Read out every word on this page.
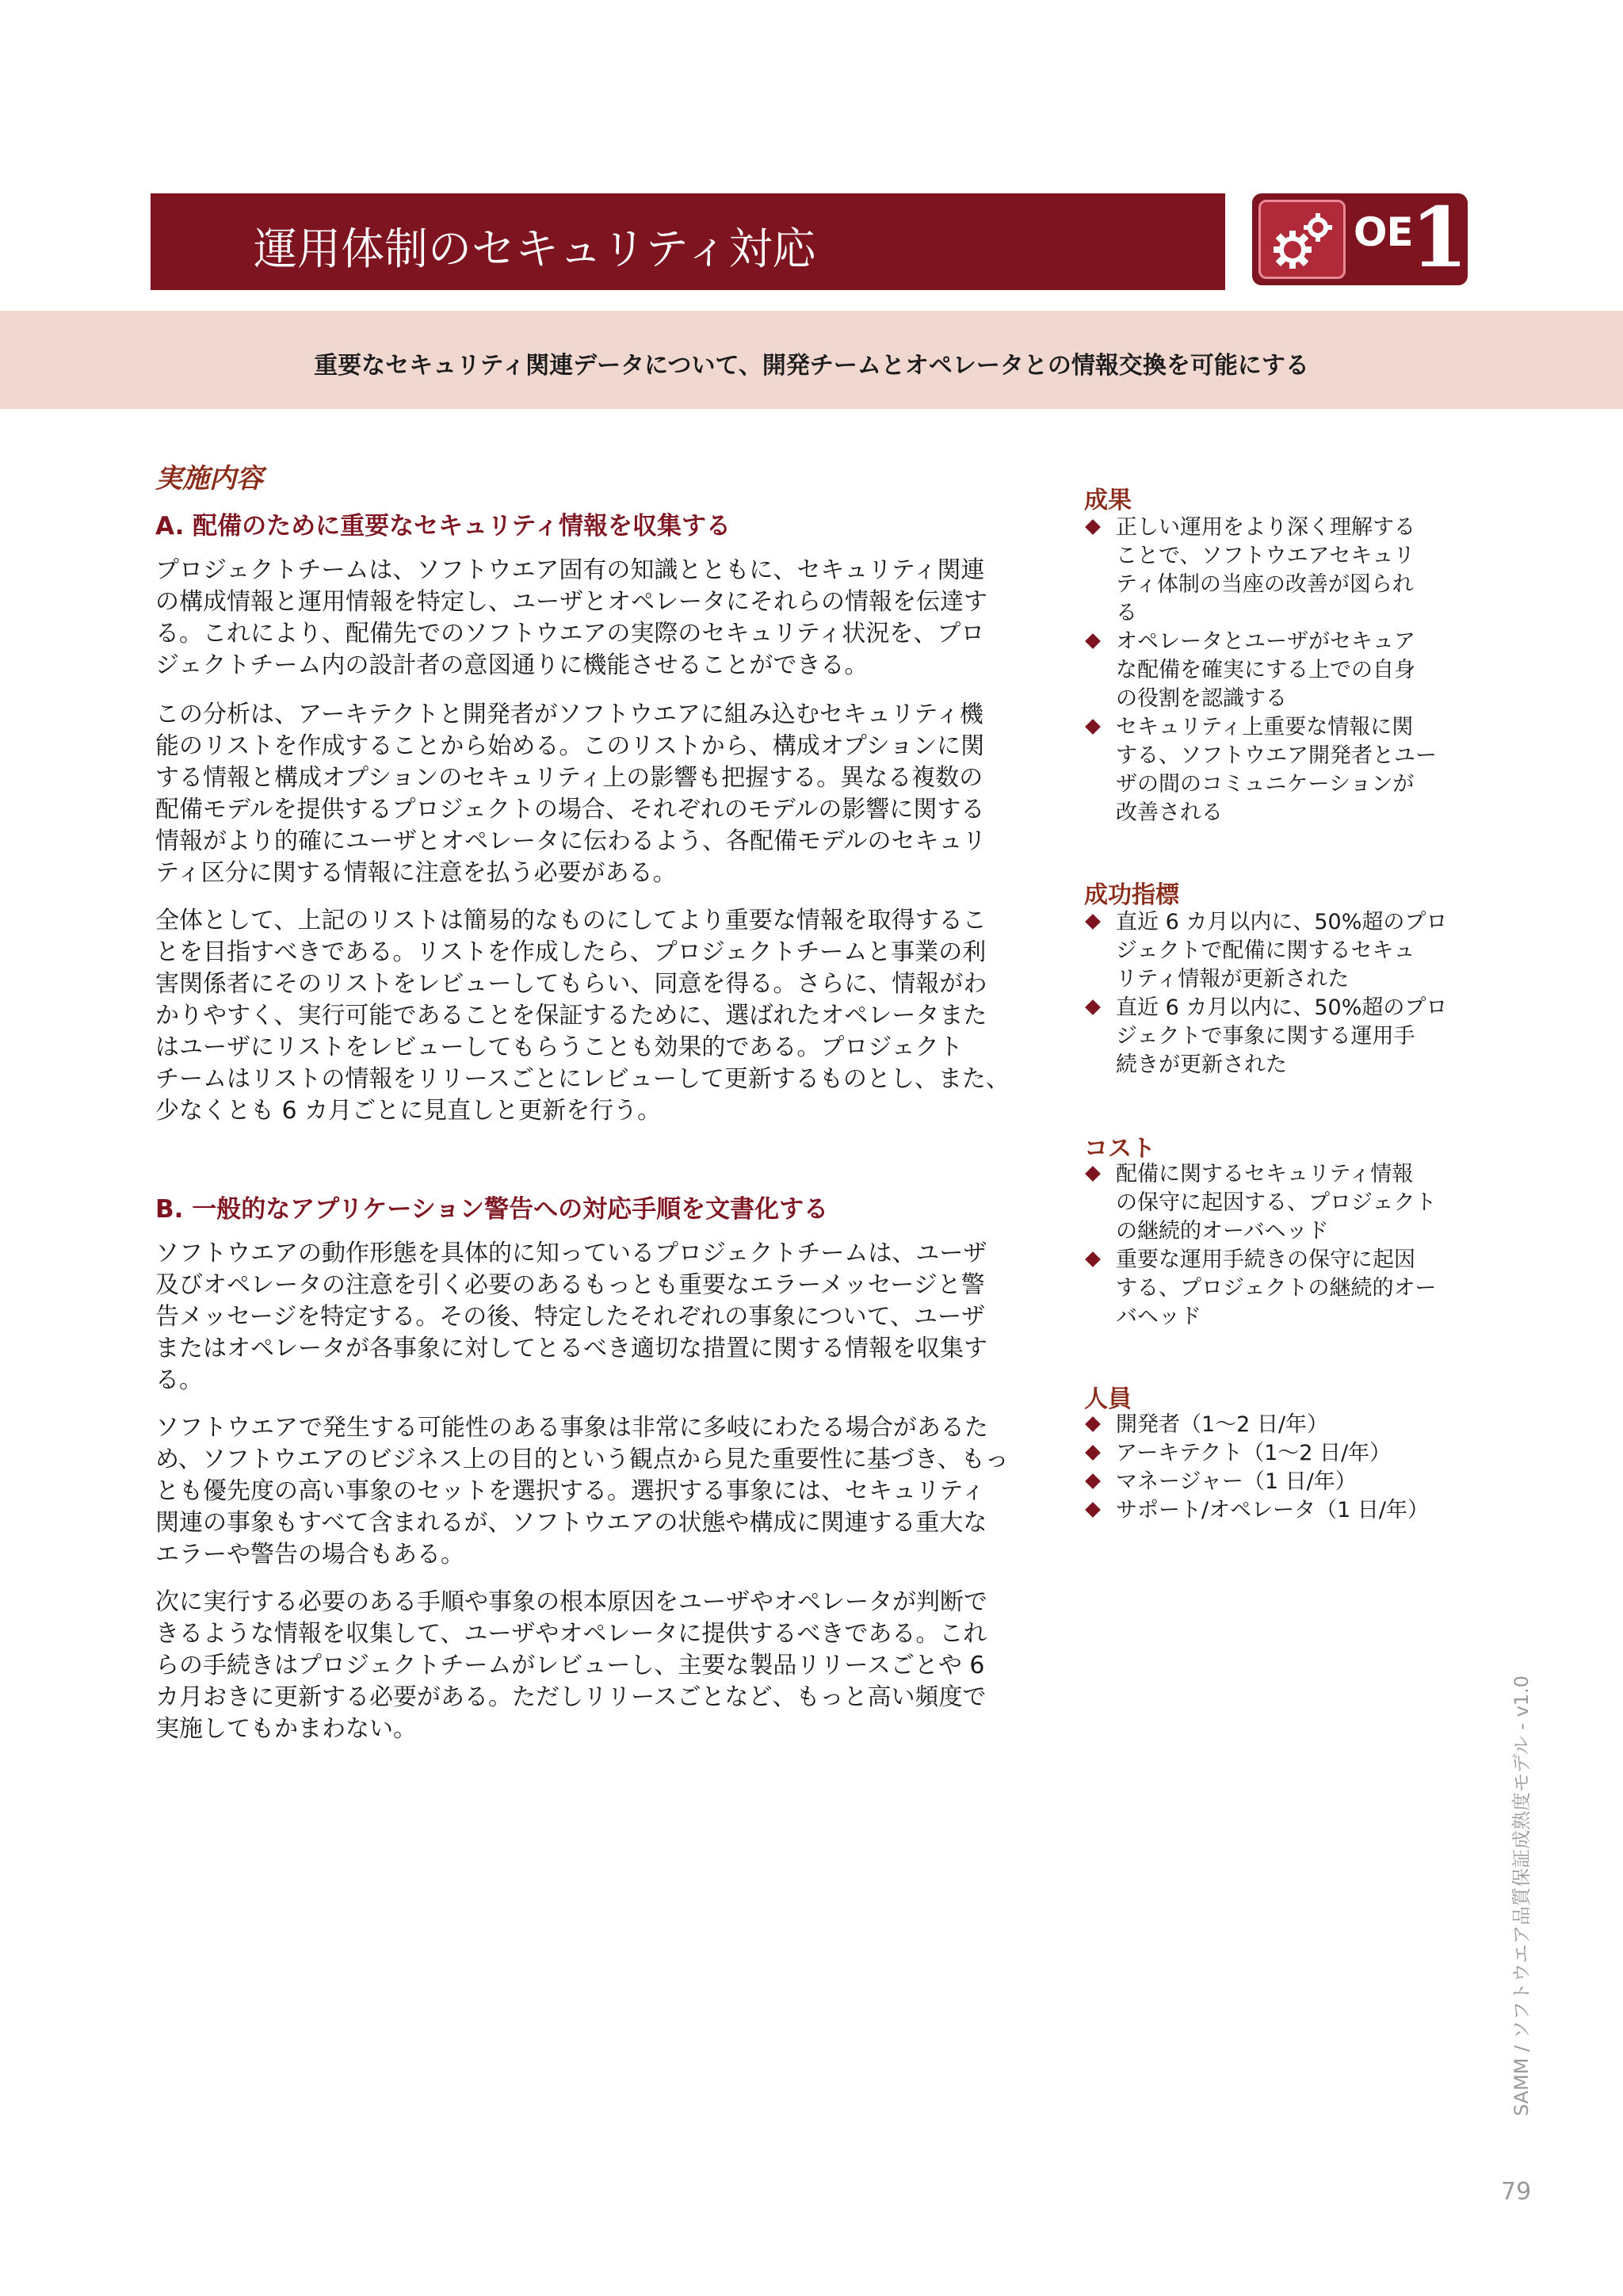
運用体制のセキュリティ対応	OE
1
重要なセキュリティ関連データについて、開発チームとオペレータとの情報交換を可能にする
実施内容
A. 配備のために重要なセキュリティ情報を収集する
プロジェクトチームは、ソフトウエア固有の知識とともに、セキュリティ関連
の構成情報と運用情報を特定し、ユーザとオペレータにそれらの情報を伝達す
る。これにより、配備先でのソフトウエアの実際のセキュリティ状況を、プロ
ジェクトチーム内の設計者の意図通りに機能させることができる。
この分析は、アーキテクトと開発者がソフトウエアに組み込むセキュリティ機
能のリストを作成することから始める。このリストから、構成オプションに関
する情報と構成オプションのセキュリティ上の影響も把握する。異なる複数の
配備モデルを提供するプロジェクトの場合、それぞれのモデルの影響に関する
情報がより的確にユーザとオペレータに伝わるよう、各配備モデルのセキュリ
ティ区分に関する情報に注意を払う必要がある。
全体として、上記のリストは簡易的なものにしてより重要な情報を取得するこ
とを目指すべきである。リストを作成したら、プロジェクトチームと事業の利
害関係者にそのリストをレビューしてもらい、同意を得る。さらに、情報がわ
かりやすく、実行可能であることを保証するために、選ばれたオペレータまた
はユーザにリストをレビューしてもらうことも効果的である。プロジェクト
チームはリストの情報をリリースごとにレビューして更新するものとし、また、
少なくとも 6 カ月ごとに見直しと更新を行う。
B. 一般的なアプリケーション警告への対応手順を文書化する
ソフトウエアの動作形態を具体的に知っているプロジェクトチームは、ユーザ
及びオペレータの注意を引く必要のあるもっとも重要なエラーメッセージと警
告メッセージを特定する。その後、特定したそれぞれの事象について、ユーザ
またはオペレータが各事象に対してとるべき適切な措置に関する情報を収集す
る。
ソフトウエアで発生する可能性のある事象は非常に多岐にわたる場合があるた
め、ソフトウエアのビジネス上の目的という観点から見た重要性に基づき、もっ
とも優先度の高い事象のセットを選択する。選択する事象には、セキュリティ
関連の事象もすべて含まれるが、ソフトウエアの状態や構成に関連する重大な
エラーや警告の場合もある。
次に実行する必要のある手順や事象の根本原因をユーザやオペレータが判断で
きるような情報を収集して、ユーザやオペレータに提供するべきである。これ
らの手続きはプロジェクトチームがレビューし、主要な製品リリースごとや 6
カ月おきに更新する必要がある。ただしリリースごとなど、もっと高い頻度で
実施してもかまわない。
成果
正しい運用をより深く理解する
ことで、ソフトウエアセキュリ
ティ体制の当座の改善が図られ
る
オペレータとユーザがセキュア
な配備を確実にする上での自身
の役割を認識する
セキュリティ上重要な情報に関
する、ソフトウエア開発者とユー
ザの間のコミュニケーションが
改善される
成功指標
直近 6 カ月以内に、50%超のプロ
ジェクトで配備に関するセキュ
リティ情報が更新された
直近 6 カ月以内に、50%超のプロ
ジェクトで事象に関する運用手
続きが更新された
コスト
配備に関するセキュリティ情報
の保守に起因する、プロジェクト
の継続的オーバヘッド
重要な運用手続きの保守に起因
する、プロジェクトの継続的オー
バヘッド
人員
開発者（1〜2 日/年）
アーキテクト（1〜2 日/年）
マネージャー（1 日/年）
サポート/オペレータ（1 日/年）
SAMM / ソフトウエア品質保証成熟度モデル - v1.0
79
